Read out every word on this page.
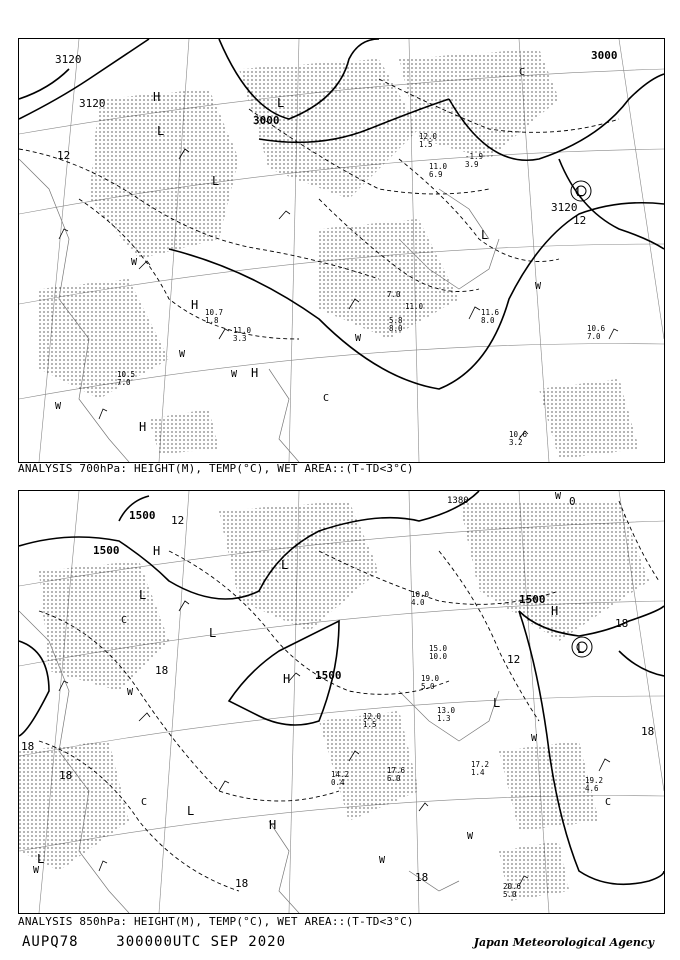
3120
3120
3000
3000
3120
12
12
H
L
L
L
L
L
H
W
W
W H
W
H
W
C
C
W
11.6
8.0
10.6
7.0
10.6
3.2
7.0
11.0
5.8
8.0
12.0
1.5
10.7
1.8
11.0
3.3
10.5
7.0
-1.9
3.9
11.0
6.9
ANALYSIS 700hPa: HEIGHT(M), TEMP(°C), WET AREA::(T-TD<3°C)
1500
1500
1500
1500
1380
12
18
18
18
18	18
18
0
12
18
H
L
L
L
H
W
C
L
H
L
H
L
W
W
C
C
W
W
L
W
19.2
4.6
20.6
5.0
17.2
1.4
17.6
6.0
14.2
0.4
12.0
1.5
15.0
10.0
19.0
5.0
10.0
4.0
13.0
1.3
ANALYSIS 850hPa: HEIGHT(M), TEMP(°C), WET AREA::(T-TD<3°C)
AUPQ78	300000UTC SEP 2020	Japan Meteorological Agency
